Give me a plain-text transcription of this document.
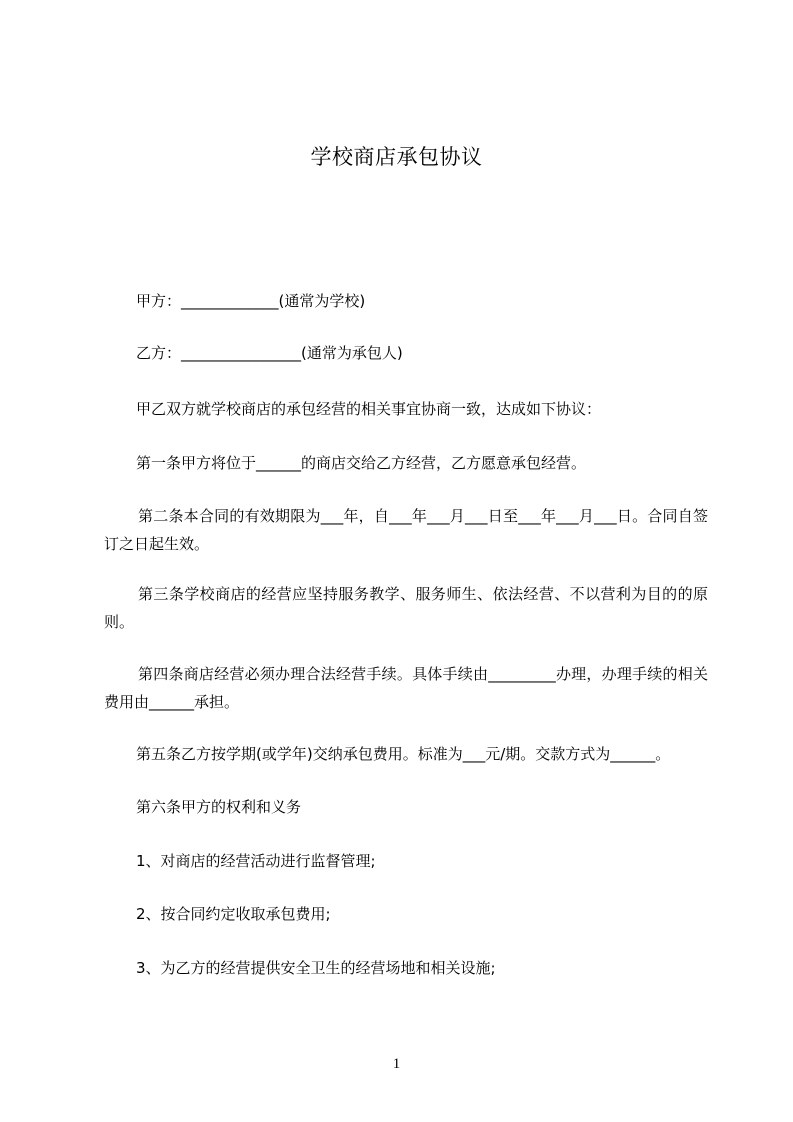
学校商店承包协议
甲方：_____________(通常为学校)
乙方：________________(通常为承包人)
甲乙双方就学校商店的承包经营的相关事宜协商一致，达成如下协议：
第一条甲方将位于______的商店交给乙方经营，乙方愿意承包经营。
第二条本合同的有效期限为___年，自___年___月___日至___年___月___日。合同自签订之日起生效。
第三条学校商店的经营应坚持服务教学、服务师生、依法经营、不以营利为目的的原则。
第四条商店经营必须办理合法经营手续。具体手续由_________办理，办理手续的相关费用由______承担。
第五条乙方按学期(或学年)交纳承包费用。标准为___元/期。交款方式为______。
第六条甲方的权利和义务
1、对商店的经营活动进行监督管理;
2、按合同约定收取承包费用;
3、为乙方的经营提供安全卫生的经营场地和相关设施;
1
